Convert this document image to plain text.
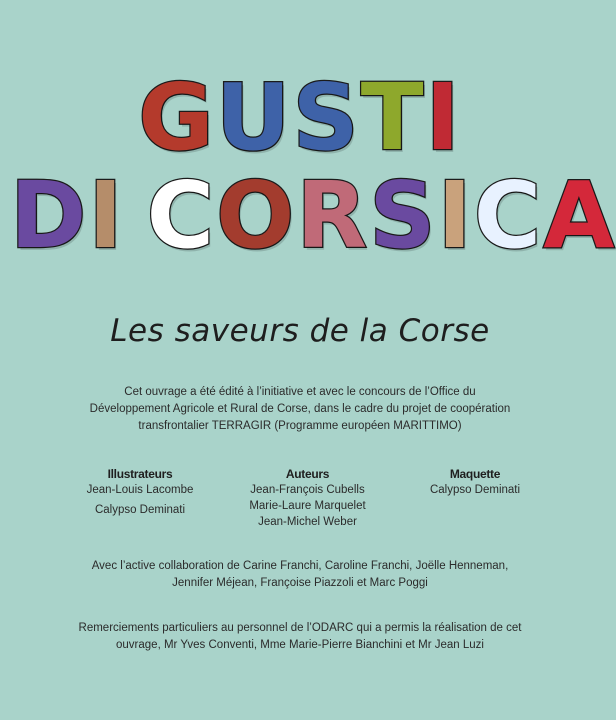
GUSTI
DI CORSICA
Les saveurs de la Corse
Cet ouvrage a été édité à l’initiative et avec le concours de l’Office du
Développement Agricole et Rural de Corse, dans le cadre du projet de coopération
transfrontalier TERRAGIR (Programme européen MARITTIMO)
Illustrateurs
Jean-Louis Lacombe
Calypso Deminati
Auteurs
Jean-François Cubells
Marie-Laure Marquelet
Jean-Michel Weber
Maquette
Calypso Deminati
Avec l’active collaboration de Carine Franchi, Caroline Franchi, Joëlle Henneman,
Jennifer Méjean, Françoise Piazzoli et Marc Poggi
Remerciements particuliers au personnel de l’ODARC qui a permis la réalisation de cet
ouvrage, Mr Yves Conventi, Mme Marie-Pierre Bianchini et Mr Jean Luzi
